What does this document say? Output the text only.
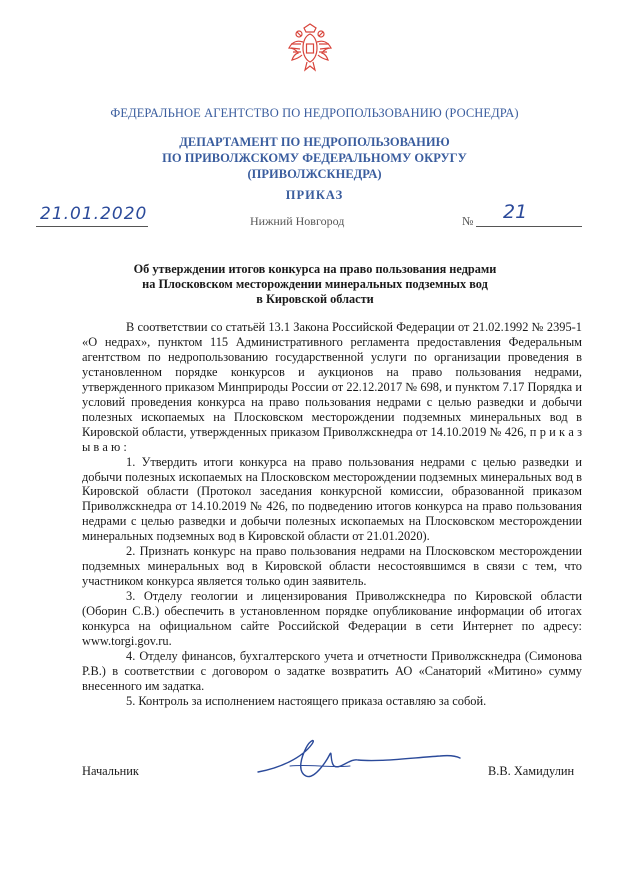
ФЕДЕРАЛЬНОЕ АГЕНТСТВО ПО НЕДРОПОЛЬЗОВАНИЮ (РОСНЕДРА)
ДЕПАРТАМЕНТ ПО НЕДРОПОЛЬЗОВАНИЮ
ПО ПРИВОЛЖСКОМУ ФЕДЕРАЛЬНОМУ ОКРУГУ
(ПРИВОЛЖСКНЕДРА)
ПРИКАЗ
21.01.2020	Нижний Новгород	№ 21
Об утверждении итогов конкурса на право пользования недрами
на Плосковском месторождении минеральных подземных вод
в Кировской области

В соответствии со статьёй 13.1 Закона Российской Федерации от 21.02.1992 № 2395-1 «О недрах», пунктом 115 Административного регламента предоставления Федеральным агентством по недропользованию государственной услуги по организации проведения в установленном порядке конкурсов и аукционов на право пользования недрами, утвержденного приказом Минприроды России от 22.12.2017 № 698, и пунктом 7.17 Порядка и условий проведения конкурса на право пользования недрами с целью разведки и добычи полезных ископаемых на Плосковском месторождении подземных минеральных вод в Кировской области, утвержденных приказом Приволжскнедра от 14.10.2019 № 426, п р и к а з ы в а ю :

1. Утвердить итоги конкурса на право пользования недрами с целью разведки и добычи полезных ископаемых на Плосковском месторождении подземных минеральных вод в Кировской области (Протокол заседания конкурсной комиссии, образованной приказом Приволжскнедра от 14.10.2019 № 426, по подведению итогов конкурса на право пользования недрами с целью разведки и добычи полезных ископаемых на Плосковском месторождении минеральных подземных вод в Кировской области от 21.01.2020).

2. Признать конкурс на право пользования недрами на Плосковском месторождении подземных минеральных вод в Кировской области несостоявшимся в связи с тем, что участником конкурса является только один заявитель.

3. Отделу геологии и лицензирования Приволжскнедра по Кировской области (Оборин С.В.) обеспечить в установленном порядке опубликование информации об итогах конкурса на официальном сайте Российской Федерации в сети Интернет по адресу: www.torgi.gov.ru.

4. Отделу финансов, бухгалтерского учета и отчетности Приволжскнедра (Симонова Р.В.) в соответствии с договором о задатке возвратить АО «Санаторий «Митино» сумму внесенного им задатка.

5. Контроль за исполнением настоящего приказа оставляю за собой.

Начальник	В.В. Хамидулин
